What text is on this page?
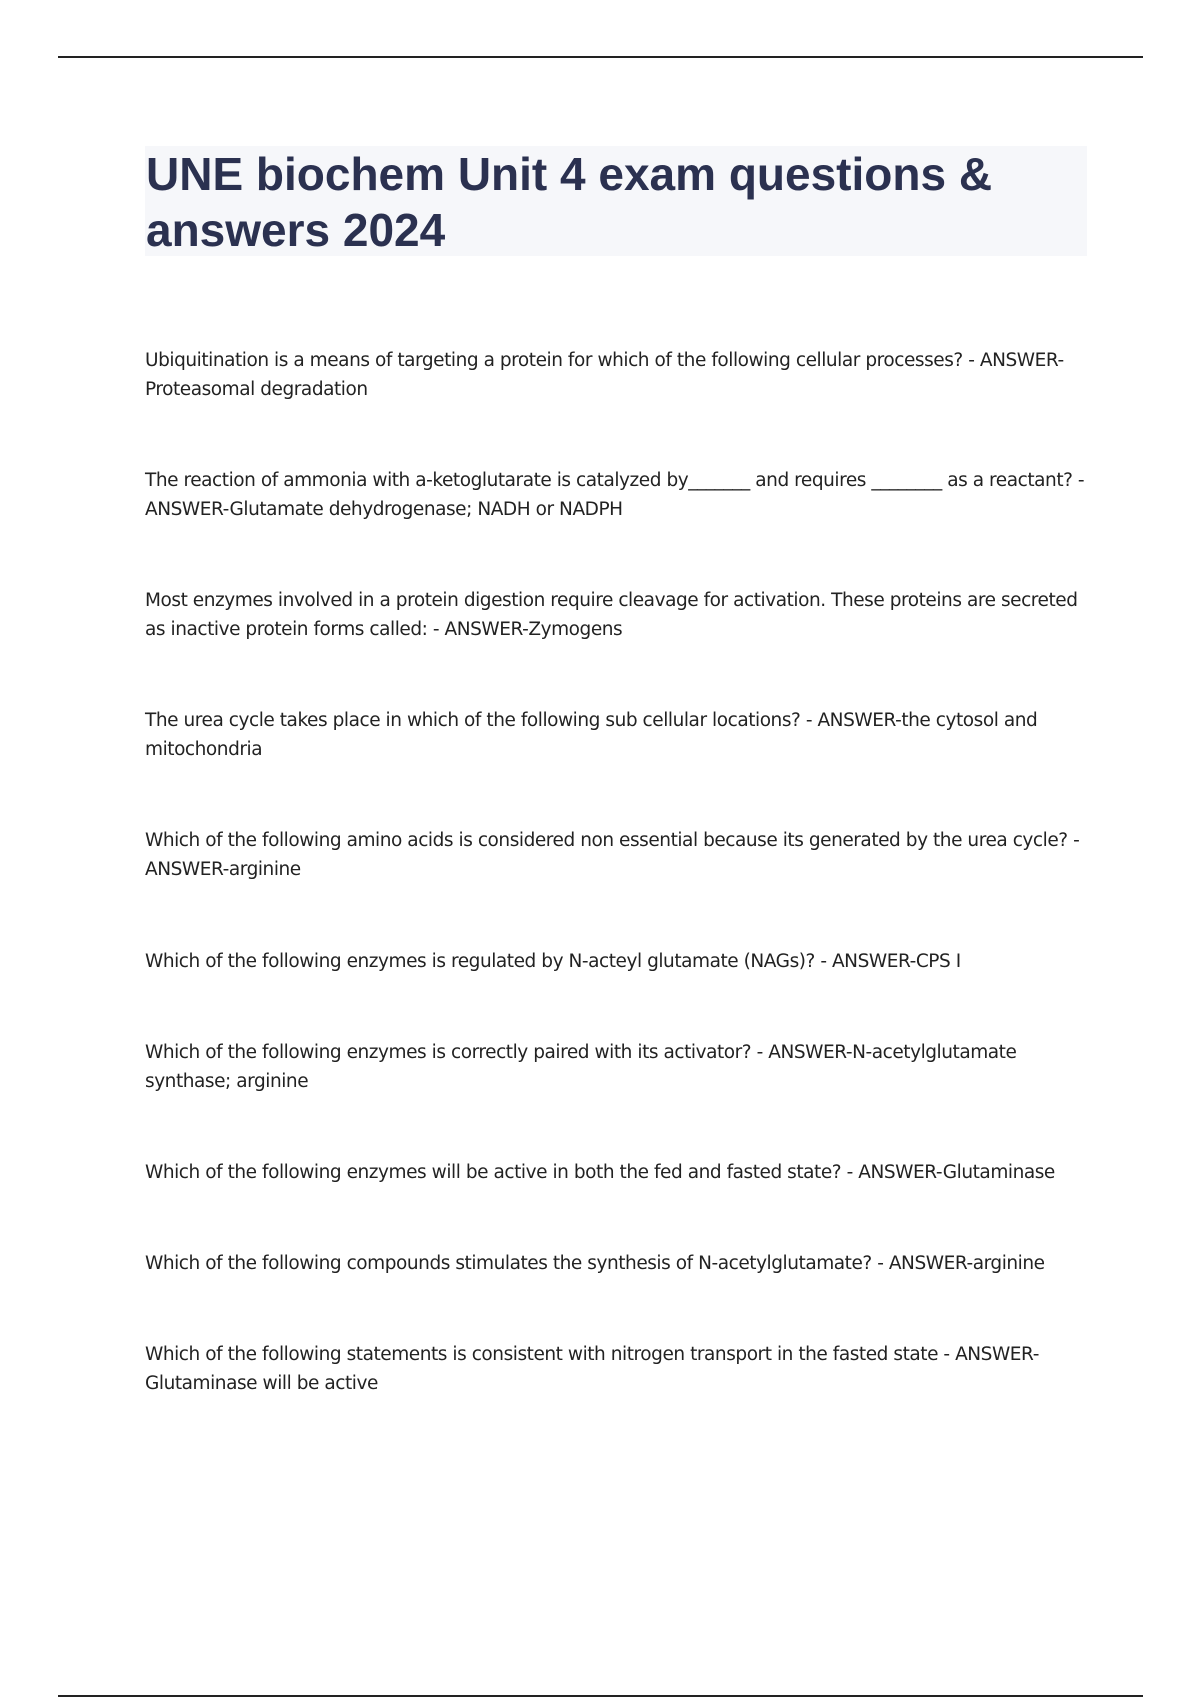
UNE biochem Unit 4 exam questions & answers 2024

Ubiquitination is a means of targeting a protein for which of the following cellular processes? - ANSWER-Proteasomal degradation

The reaction of ammonia with a-ketoglutarate is catalyzed by_______ and requires ________ as a reactant? - ANSWER-Glutamate dehydrogenase; NADH or NADPH

Most enzymes involved in a protein digestion require cleavage for activation. These proteins are secreted as inactive protein forms called: - ANSWER-Zymogens

The urea cycle takes place in which of the following sub cellular locations? - ANSWER-the cytosol and mitochondria

Which of the following amino acids is considered non essential because its generated by the urea cycle? - ANSWER-arginine

Which of the following enzymes is regulated by N-acteyl glutamate (NAGs)? - ANSWER-CPS I

Which of the following enzymes is correctly paired with its activator? - ANSWER-N-acetylglutamate synthase; arginine

Which of the following enzymes will be active in both the fed and fasted state? - ANSWER-Glutaminase

Which of the following compounds stimulates the synthesis of N-acetylglutamate? - ANSWER-arginine

Which of the following statements is consistent with nitrogen transport in the fasted state - ANSWER-Glutaminase will be active
